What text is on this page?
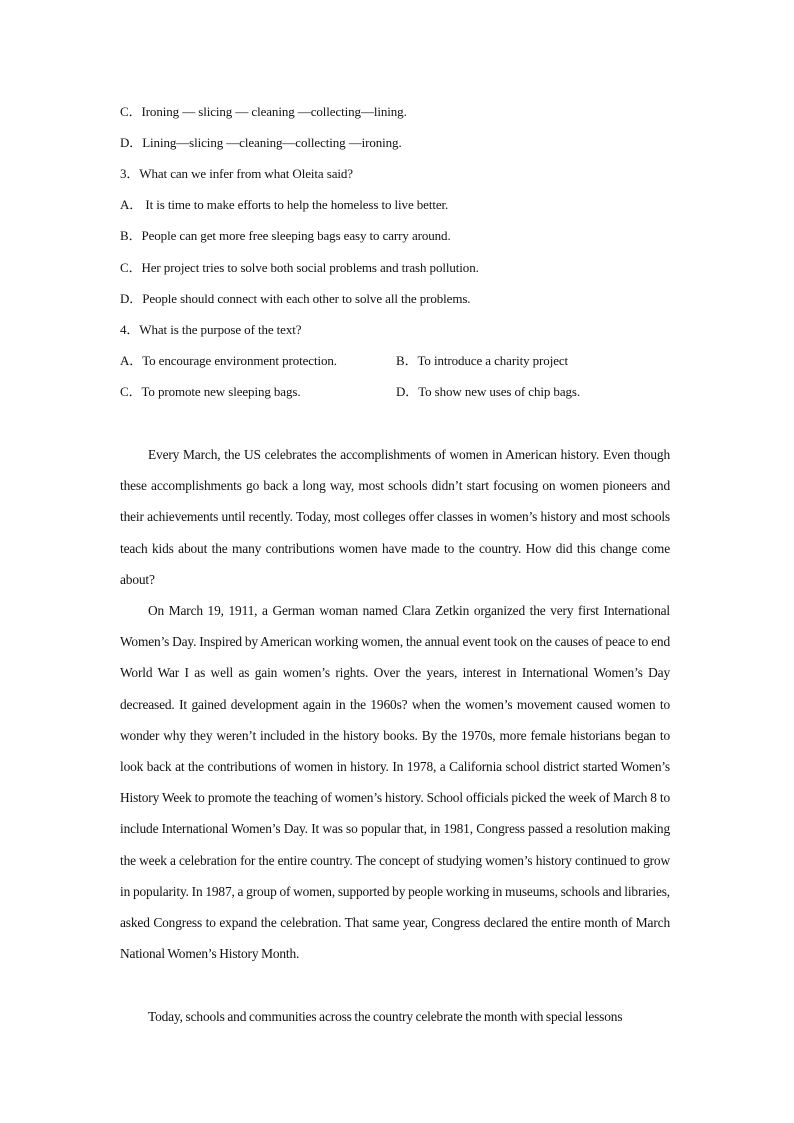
C．Ironing — slicing — cleaning —collecting—lining.
D．Lining—slicing —cleaning—collecting —ironing.
3．What can we infer from what Oleita said?
A． It is time to make efforts to help the homeless to live better.
B．People can get more free sleeping bags easy to carry around.
C．Her project tries to solve both social problems and trash pollution.
D．People should connect with each other to solve all the problems.
4．What is the purpose of the text?
A．To encourage environment protection.	B．To introduce a charity project
C．To promote new sleeping bags.	D．To show new uses of chip bags.

Every March, the US celebrates the accomplishments of women in American history. Even though these accomplishments go back a long way, most schools didn’t start focusing on women pioneers and their achievements until recently. Today, most colleges offer classes in women’s history and most schools teach kids about the many contributions women have made to the country. How did this change come about?

On March 19, 1911, a German woman named Clara Zetkin organized the very first International Women’s Day. Inspired by American working women, the annual event took on the causes of peace to end World War I as well as gain women’s rights. Over the years, interest in International Women’s Day decreased. It gained development again in the 1960s? when the women’s movement caused women to wonder why they weren’t included in the history books. By the 1970s, more female historians began to look back at the contributions of women in history. In 1978, a California school district started Women’s History Week to promote the teaching of women’s history. School officials picked the week of March 8 to include International Women’s Day. It was so popular that, in 1981, Congress passed a resolution making the week a celebration for the entire country. The concept of studying women’s history continued to grow in popularity. In 1987, a group of women, supported by people working in museums, schools and libraries, asked Congress to expand the celebration. That same year, Congress declared the entire month of March National Women’s History Month.

Today, schools and communities across the country celebrate the month with special lessons
